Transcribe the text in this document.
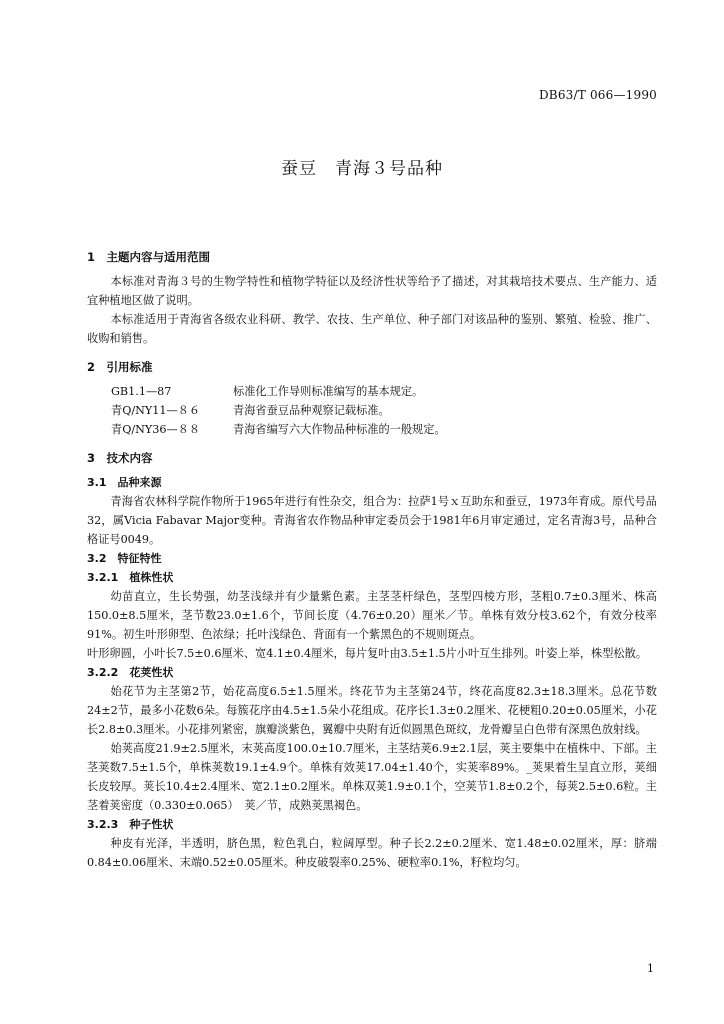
DB63/T 066—1990
蚕豆　青海３号品种
1　主题内容与适用范围

本标准对青海３号的生物学特性和植物学特征以及经济性状等给予了描述，对其栽培技术要点、生产能力、适宜种植地区做了说明。

本标准适用于青海省各级农业科研、教学、农技、生产单位、种子部门对该品种的鉴别、繁殖、检验、推广、收购和销售。

2　引用标准
GB1.1—87	标准化工作导则标准编写的基本规定。
青Q/NY11—８６	青海省蚕豆品种观察记载标准。
青Q/NY36—８８	青海省编写六大作物品种标准的一般规定。
3　技术内容
3.1　品种来源

青海省农林科学院作物所于1965年进行有性杂交，组合为：拉萨1号ｘ互助东和蚕豆，1973年育成。原代号品32，属Vicia Fabavar Major变种。青海省农作物品种审定委员会于1981年6月审定通过，定名青海3号，品种合格证号0049。

3.2　特征特性
3.2.1　植株性状

幼苗直立，生长势强，幼茎浅绿并有少量紫色素。主茎茎杆绿色，茎型四棱方形，茎粗0.7±0.3厘米、株高150.0±8.5厘米，茎节数23.0±1.6个，节间长度（4.76±0.20）厘米／节。单株有效分枝3.62个，有效分枝率91%。初生叶形卵型、色浓绿；托叶浅绿色、背面有一个紫黑色的不规则斑点。

叶形卵圆，小叶长7.5±0.6厘米、宽4.1±0.4厘米，每片复叶由3.5±1.5片小叶互生排列。叶姿上举，株型松散。

3.2.2　花荚性状

始花节为主茎第2节，始花高度6.5±1.5厘米。终花节为主茎第24节，终花高度82.3±18.3厘米。总花节数24±2节，最多小花数6朵。每簇花序由4.5±1.5朵小花组成。花序长1.3±0.2厘米、花梗粗0.20±0.05厘米，小花长2.8±0.3厘米。小花排列紧密，旗瓣淡紫色，翼瓣中央附有近似圆黑色斑纹，龙骨瓣呈白色带有深黑色放射线。

始荚高度21.9±2.5厘米，末荚高度100.0±10.7厘米，主茎结荚6.9±2.1层，荚主要集中在植株中、下部。主茎荚数7.5±1.5个，单株荚数19.1±4.9个。单株有效荚17.04±1.40个，实荚率89%。_荚果着生呈直立形，荚细长皮较厚。荚长10.4±2.4厘米、宽2.1±0.2厘米。单株双荚1.9±0.1个，空荚节1.8±0.2个，每荚2.5±0.6粒。主茎着荚密度（0.330±0.065）　荚／节，成熟荚黑褐色。

3.2.3　种子性状

种皮有光泽，半透明，脐色黑，粒色乳白，粒阔厚型。种子长2.2±0.2厘米、宽1.48±0.02厘米，厚：脐端0.84±0.06厘米、末端0.52±0.05厘米。种皮破裂率0.25%、硬粒率0.1%，籽粒均匀。

1
